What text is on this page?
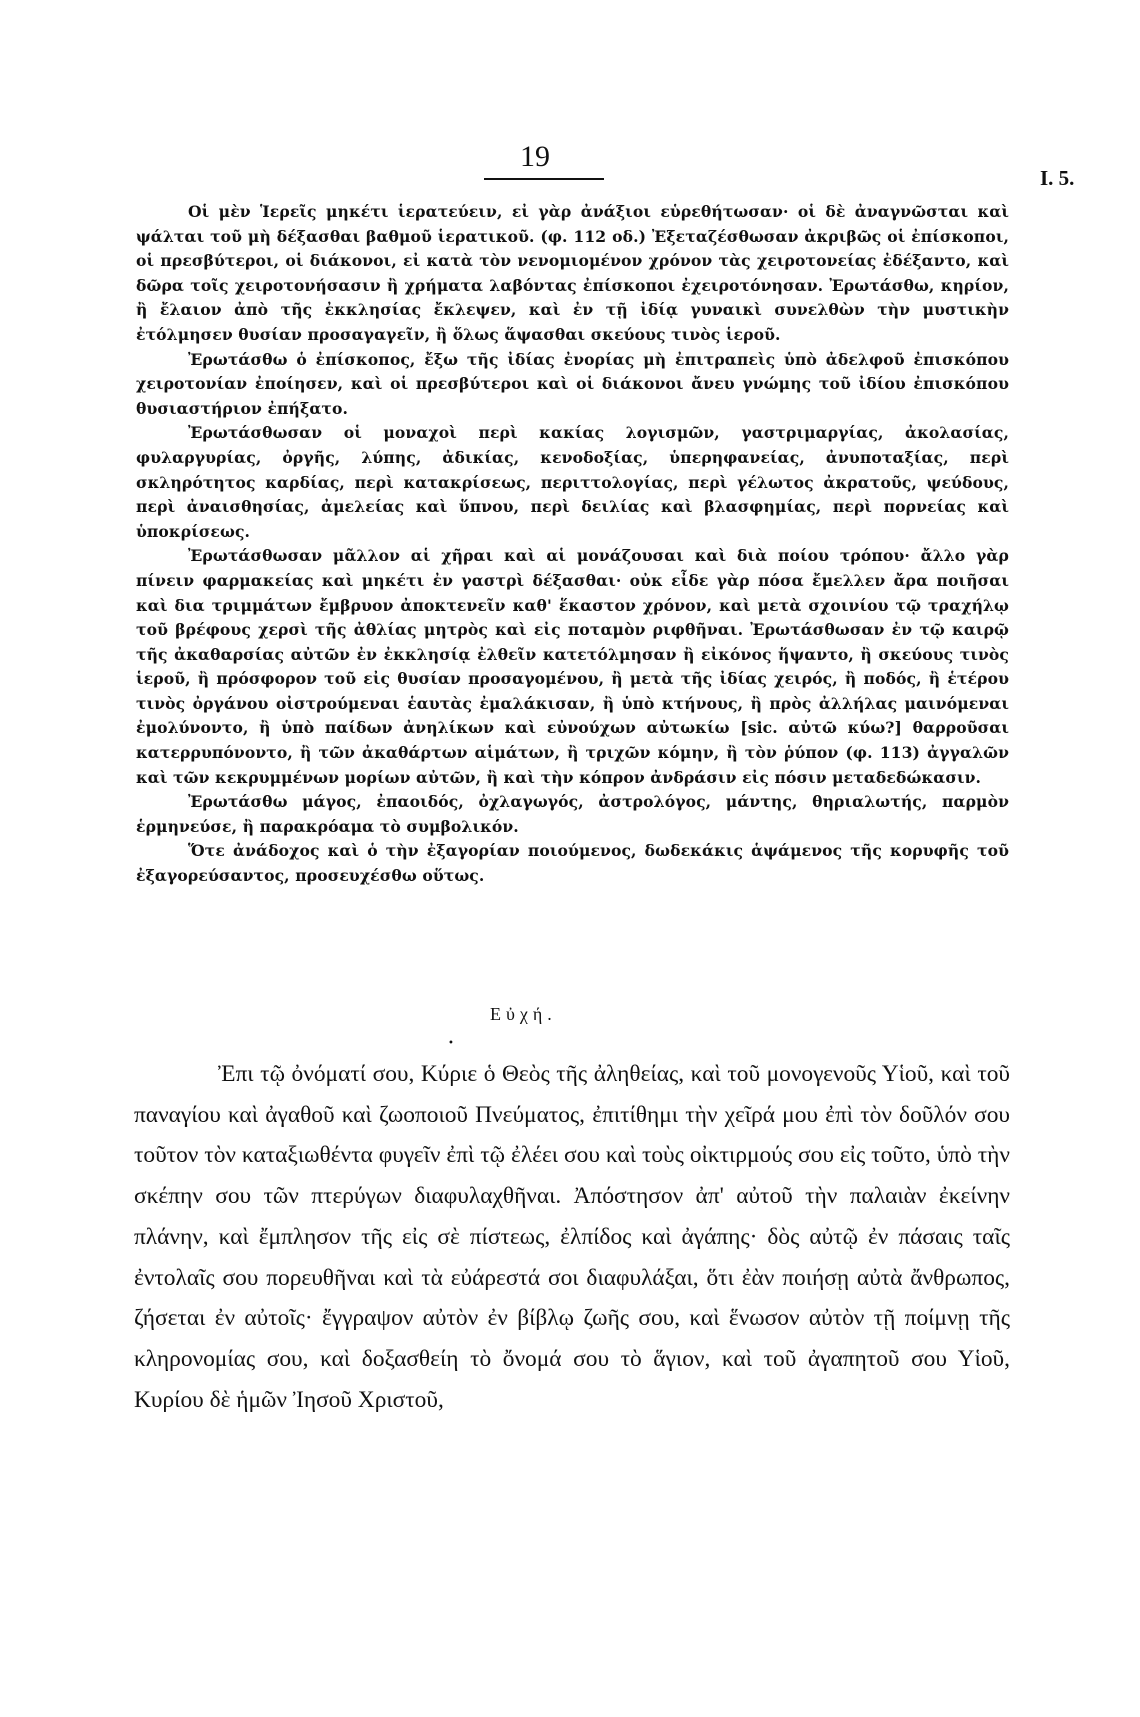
19
I. 5.

Οἱ μὲν Ἱερεῖς μηκέτι ἱερατεύειν, εἰ γὰρ ἀνάξιοι εὑρεθήτωσαν· οἱ δὲ ἀναγνῶσται καὶ ψάλται τοῦ μὴ δέξασθαι βαθμοῦ ἱερατικοῦ. (φ. 112 οδ.) Ἐξεταζέσθωσαν ἀκριβῶς οἱ ἐπίσκοποι, οἱ πρεσβύτεροι, οἱ διάκονοι, εἰ κατὰ τὸν νενομιομένον χρόνον τὰς χειροτονείας ἐδέξαντο, καὶ δῶρα τοῖς χειροτονήσασιν ἢ χρήματα λαβόντας ἐπίσκοποι ἐχειροτόνησαν. Ἐρωτάσθω, κηρίον, ἢ ἔλαιον ἀπὸ τῆς ἐκκλησίας ἔκλεψεν, καὶ ἐν τῇ ἰδίᾳ γυναικὶ συνελθὼν τὴν μυστικὴν ἐτόλμησεν θυσίαν προσαγαγεῖν, ἢ ὅλως ἅψασθαι σκεύους τινὸς ἱεροῦ.

Ἐρωτάσθω ὁ ἐπίσκοπος, ἔξω τῆς ἰδίας ἐνορίας μὴ ἐπιτραπεὶς ὑπὸ ἀδελφοῦ ἐπισκόπου χειροτονίαν ἐποίησεν, καὶ οἱ πρεσβύτεροι καὶ οἱ διάκονοι ἄνευ γνώμης τοῦ ἰδίου ἐπισκόπου θυσιαστήριον ἐπήξατο.

Ἐρωτάσθωσαν οἱ μοναχοὶ περὶ κακίας λογισμῶν, γαστριμαργίας, ἀκολασίας, φυλαργυρίας, ὀργῆς, λύπης, ἀδικίας, κενοδοξίας, ὑπερηφανείας, ἀνυποταξίας, περὶ σκληρότητος καρδίας, περὶ κατακρίσεως, περιττολογίας, περὶ γέλωτος ἀκρατοῦς, ψεύδους, περὶ ἀναισθησίας, ἀμελείας καὶ ὕπνου, περὶ δειλίας καὶ βλασφημίας, περὶ πορνείας καὶ ὑποκρίσεως.

Ἐρωτάσθωσαν μᾶλλον αἱ χῆραι καὶ αἱ μονάζουσαι καὶ διὰ ποίου τρόπου· ἄλλο γὰρ πίνειν φαρμακείας καὶ μηκέτι ἐν γαστρὶ δέξασθαι· οὐκ εἶδε γὰρ πόσα ἔμελλεν ἄρα ποιῆσαι καὶ δια τριμμάτων ἔμβρυον ἀποκτενεῖν καθ' ἕκαστον χρόνον, καὶ μετὰ σχοινίου τῷ τραχήλῳ τοῦ βρέφους χερσὶ τῆς ἀθλίας μητρὸς καὶ εἰς ποταμὸν ριφθῆναι. Ἐρωτάσθωσαν ἐν τῷ καιρῷ τῆς ἀκαθαρσίας αὐτῶν ἐν ἐκκλησίᾳ ἐλθεῖν κατετόλμησαν ἢ εἰκόνος ἥψαντο, ἢ σκεύους τινὸς ἱεροῦ, ἢ πρόσφορον τοῦ εἰς θυσίαν προσαγομένου, ἢ μετὰ τῆς ἰδίας χειρός, ἢ ποδός, ἢ ἑτέρου τινὸς ὀργάνου οἰστρούμεναι ἑαυτὰς ἐμαλάκισαν, ἢ ὑπὸ κτήνους, ἢ πρὸς ἀλλήλας μαινόμεναι ἐμολύνοντο, ἢ ὑπὸ παίδων ἀνηλίκων καὶ εὐνούχων αὐτωκίω [sic. αὐτῶ κύω?] θαρροῦσαι κατερρυπόνοντο, ἢ τῶν ἀκαθάρτων αἱμάτων, ἢ τριχῶν κόμην, ἢ τὸν ῥύπον (φ. 113) ἀγγαλῶν καὶ τῶν κεκρυμμένων μορίων αὐτῶν, ἢ καὶ τὴν κόπρον ἀνδράσιν εἰς πόσιν μεταδεδώκασιν.

Ἐρωτάσθω μάγος, ἐπαοιδός, ὀχλαγωγός, ἀστρολόγος, μάντης, θηριαλωτής, παρμὸν ἑρμηνεύσε, ἢ παρακρόαμα τὸ συμβολικόν.

Ὅτε ἀνάδοχος καὶ ὁ τὴν ἐξαγορίαν ποιούμενος, δωδεκάκις ἁψάμενος τῆς κορυφῆς τοῦ ἐξαγορεύσαντος, προσευχέσθω οὕτως.

Εὐχή.
•

Ἐπι τῷ ὀνόματί σου, Κύριε ὁ Θεὸς τῆς ἀληθείας, καὶ τοῦ μονογενοῦς Υἱοῦ, καὶ τοῦ παναγίου καὶ ἀγαθοῦ καὶ ζωοποιοῦ Πνεύματος, ἐπιτίθημι τὴν χεῖρά μου ἐπὶ τὸν δοῦλόν σου τοῦτον τὸν καταξιωθέντα φυγεῖν ἐπὶ τῷ ἐλέει σου καὶ τοὺς οἰκτιρμούς σου εἰς τοῦτο, ὑπὸ τὴν σκέπην σου τῶν πτερύγων διαφυλαχθῆναι. Ἀπόστησον ἀπ' αὐτοῦ τὴν παλαιὰν ἐκείνην πλάνην, καὶ ἔμπλησον τῆς εἰς σὲ πίστεως, ἐλπίδος καὶ ἀγάπης· δὸς αὐτῷ ἐν πάσαις ταῖς ἐντολαῖς σου πορευθῆναι καὶ τὰ εὐάρεστά σοι διαφυλάξαι, ὅτι ἐὰν ποιήσῃ αὐτὰ ἄνθρωπος, ζήσεται ἐν αὐτοῖς· ἔγγραψον αὐτὸν ἐν βίβλῳ ζωῆς σου, καὶ ἕνωσον αὐτὸν τῇ ποίμνῃ τῆς κληρονομίας σου, καὶ δοξασθείη τὸ ὄνομά σου τὸ ἅγιον, καὶ τοῦ ἀγαπητοῦ σου Υἱοῦ, Κυρίου δὲ ἡμῶν Ἰησοῦ Χριστοῦ,
